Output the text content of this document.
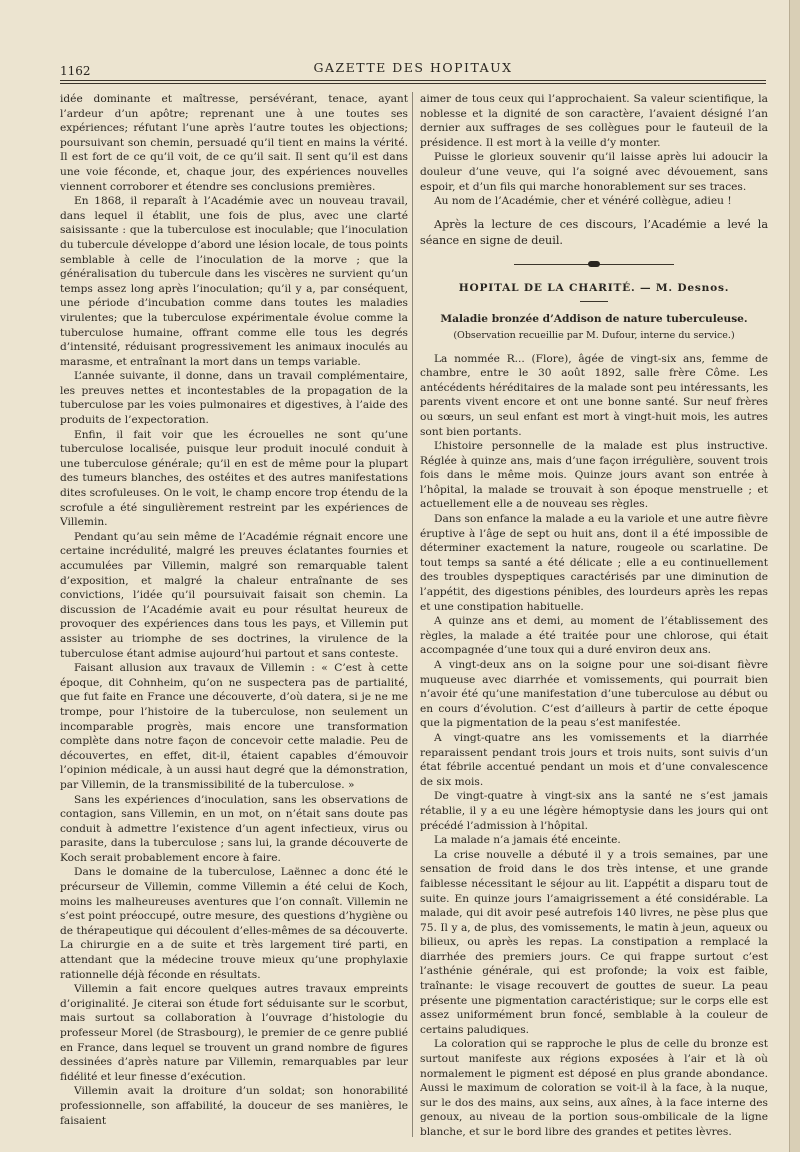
1162	GAZETTE DES HOPITAUX

idée dominante et maîtresse, persévérant, tenace, ayant l’ardeur d’un apôtre; reprenant une à une toutes ses expériences; réfutant l’une après l’autre toutes les objections; poursuivant son chemin, persuadé qu’il tient en mains la vérité. Il est fort de ce qu’il voit, de ce qu’il sait. Il sent qu’il est dans une voie féconde, et, chaque jour, des expériences nouvelles viennent corroborer et étendre ses conclusions premières.

En 1868, il reparaît à l’Académie avec un nouveau travail, dans lequel il établit, une fois de plus, avec une clarté saisissante : que la tuberculose est inoculable; que l’inoculation du tubercule développe d’abord une lésion locale, de tous points semblable à celle de l’inoculation de la morve ; que la généralisation du tubercule dans les viscères ne survient qu’un temps assez long après l’inoculation; qu’il y a, par conséquent, une période d’incubation comme dans toutes les maladies virulentes; que la tuberculose expérimentale évolue comme la tuberculose humaine, offrant comme elle tous les degrés d’intensité, réduisant progressivement les animaux inoculés au marasme, et entraînant la mort dans un temps variable.

L’année suivante, il donne, dans un travail complémentaire, les preuves nettes et incontestables de la propagation de la tuberculose par les voies pulmonaires et digestives, à l’aide des produits de l’expectoration.

Enfin, il fait voir que les écrouelles ne sont qu’une tuberculose localisée, puisque leur produit inoculé conduit à une tuberculose générale; qu’il en est de même pour la plupart des tumeurs blanches, des ostéites et des autres manifestations dites scrofuleuses. On le voit, le champ encore trop étendu de la scrofule a été singulièrement restreint par les expériences de Villemin.

Pendant qu’au sein même de l’Académie régnait encore une certaine incrédulité, malgré les preuves éclatantes fournies et accumulées par Villemin, malgré son remarquable talent d’exposition, et malgré la chaleur entraînante de ses convictions, l’idée qu’il poursuivait faisait son chemin. La discussion de l’Académie avait eu pour résultat heureux de provoquer des expériences dans tous les pays, et Villemin put assister au triomphe de ses doctrines, la virulence de la tuberculose étant admise aujourd’hui partout et sans conteste.

Faisant allusion aux travaux de Villemin : « C’est à cette époque, dit Cohnheim, qu’on ne suspectera pas de partialité, que fut faite en France une découverte, d’où datera, si je ne me trompe, pour l’histoire de la tuberculose, non seulement un incomparable progrès, mais encore une transformation complète dans notre façon de concevoir cette maladie. Peu de découvertes, en effet, dit-il, étaient capables d’émouvoir l’opinion médicale, à un aussi haut degré que la démonstration, par Villemin, de la transmissibilité de la tuberculose. »

Sans les expériences d’inoculation, sans les observations de contagion, sans Villemin, en un mot, on n’était sans doute pas conduit à admettre l’existence d’un agent infectieux, virus ou parasite, dans la tuberculose ; sans lui, la grande découverte de Koch serait probablement encore à faire.

Dans le domaine de la tuberculose, Laënnec a donc été le précurseur de Villemin, comme Villemin a été celui de Koch, moins les malheureuses aventures que l’on connaît. Villemin ne s’est point préoccupé, outre mesure, des questions d’hygiène ou de thérapeutique qui découlent d’elles-mêmes de sa découverte. La chirurgie en a de suite et très largement tiré parti, en attendant que la médecine trouve mieux qu’une prophylaxie rationnelle déjà féconde en résultats.

Villemin a fait encore quelques autres travaux empreints d’originalité. Je citerai son étude fort séduisante sur le scorbut, mais surtout sa collaboration à l’ouvrage d’histologie du professeur Morel (de Strasbourg), le premier de ce genre publié en France, dans lequel se trouvent un grand nombre de figures dessinées d’après nature par Villemin, remarquables par leur fidélité et leur finesse d’exécution.

Villemin avait la droiture d’un soldat; son honorabilité professionnelle, son affabilité, la douceur de ses manières, le faisaient

aimer de tous ceux qui l’approchaient. Sa valeur scientifique, la noblesse et la dignité de son caractère, l’avaient désigné l’an dernier aux suffrages de ses collègues pour le fauteuil de la présidence. Il est mort à la veille d’y monter.

Puisse le glorieux souvenir qu’il laisse après lui adoucir la douleur d’une veuve, qui l’a soigné avec dévouement, sans espoir, et d’un fils qui marche honorablement sur ses traces.

Au nom de l’Académie, cher et vénéré collègue, adieu !

Après la lecture de ces discours, l’Académie a levé la séance en signe de deuil.

HOPITAL DE LA CHARITÉ. — M. Desnos.
Maladie bronzée d’Addison de nature tuberculeuse.
(Observation recueillie par M. Dufour, interne du service.)

La nommée R... (Flore), âgée de vingt-six ans, femme de chambre, entre le 30 août 1892, salle frère Côme. Les antécédents héréditaires de la malade sont peu intéressants, les parents vivent encore et ont une bonne santé. Sur neuf frères ou sœurs, un seul enfant est mort à vingt-huit mois, les autres sont bien portants.

L’histoire personnelle de la malade est plus instructive. Réglée à quinze ans, mais d’une façon irrégulière, souvent trois fois dans le même mois. Quinze jours avant son entrée à l’hôpital, la malade se trouvait à son époque menstruelle ; et actuellement elle a de nouveau ses règles.

Dans son enfance la malade a eu la variole et une autre fièvre éruptive à l’âge de sept ou huit ans, dont il a été impossible de déterminer exactement la nature, rougeole ou scarlatine. De tout temps sa santé a été délicate ; elle a eu continuellement des troubles dyspeptiques caractérisés par une diminution de l’appétit, des digestions pénibles, des lourdeurs après les repas et une constipation habituelle.

A quinze ans et demi, au moment de l’établissement des règles, la malade a été traitée pour une chlorose, qui était accompagnée d’une toux qui a duré environ deux ans.

A vingt-deux ans on la soigne pour une soi-disant fièvre muqueuse avec diarrhée et vomissements, qui pourrait bien n’avoir été qu’une manifestation d’une tuberculose au début ou en cours d’évolution. C’est d’ailleurs à partir de cette époque que la pigmentation de la peau s’est manifestée.

A vingt-quatre ans les vomissements et la diarrhée reparaissent pendant trois jours et trois nuits, sont suivis d’un état fébrile accentué pendant un mois et d’une convalescence de six mois.

De vingt-quatre à vingt-six ans la santé ne s’est jamais rétablie, il y a eu une légère hémoptysie dans les jours qui ont précédé l’admission à l’hôpital.

La malade n’a jamais été enceinte.

La crise nouvelle a débuté il y a trois semaines, par une sensation de froid dans le dos très intense, et une grande faiblesse nécessitant le séjour au lit. L’appétit a disparu tout de suite. En quinze jours l’amaigrissement a été considérable. La malade, qui dit avoir pesé autrefois 140 livres, ne pèse plus que 75. Il y a, de plus, des vomissements, le matin à jeun, aqueux ou bilieux, ou après les repas. La constipation a remplacé la diarrhée des premiers jours. Ce qui frappe surtout c’est l’asthénie générale, qui est profonde; la voix est faible, traînante: le visage recouvert de gouttes de sueur. La peau présente une pigmentation caractéristique; sur le corps elle est assez uniformément brun foncé, semblable à la couleur de certains paludiques.

La coloration qui se rapproche le plus de celle du bronze est surtout manifeste aux régions exposées à l’air et là où normalement le pigment est déposé en plus grande abondance. Aussi le maximum de coloration se voit-il à la face, à la nuque, sur le dos des mains, aux seins, aux aînes, à la face interne des genoux, au niveau de la portion sous-ombilicale de la ligne blanche, et sur le bord libre des grandes et petites lèvres.
